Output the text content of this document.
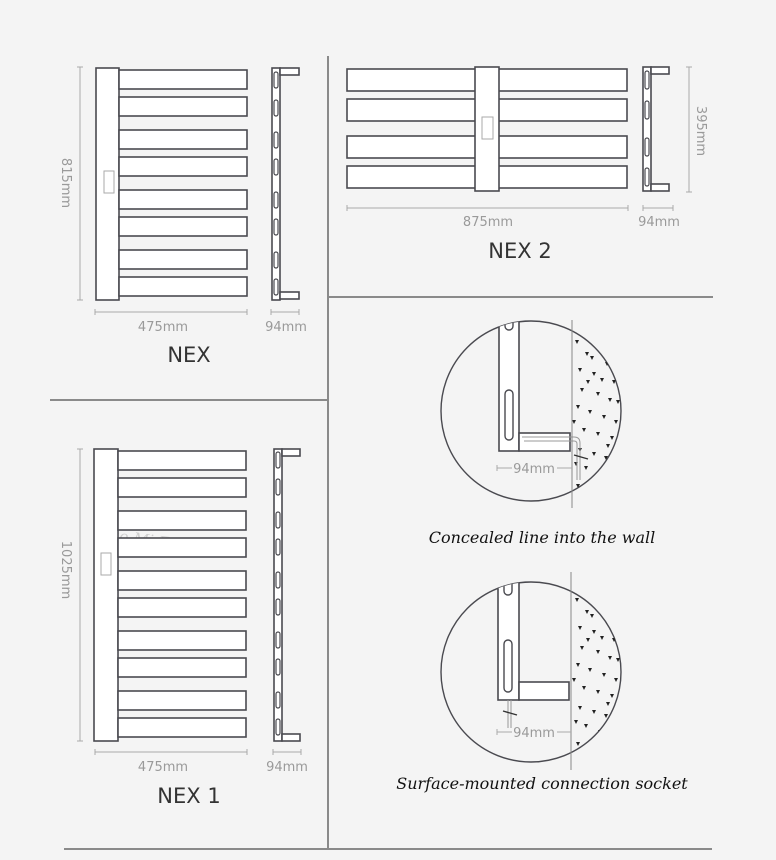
815mm
475mm	94mm
NEX
395mm
875mm	94mm
NEX 2
Xiao-Mi
1025mm
475mm	94mm
NEX 1
94mm
Concealed line into the wall
94mm
Surface-mounted connection socket
